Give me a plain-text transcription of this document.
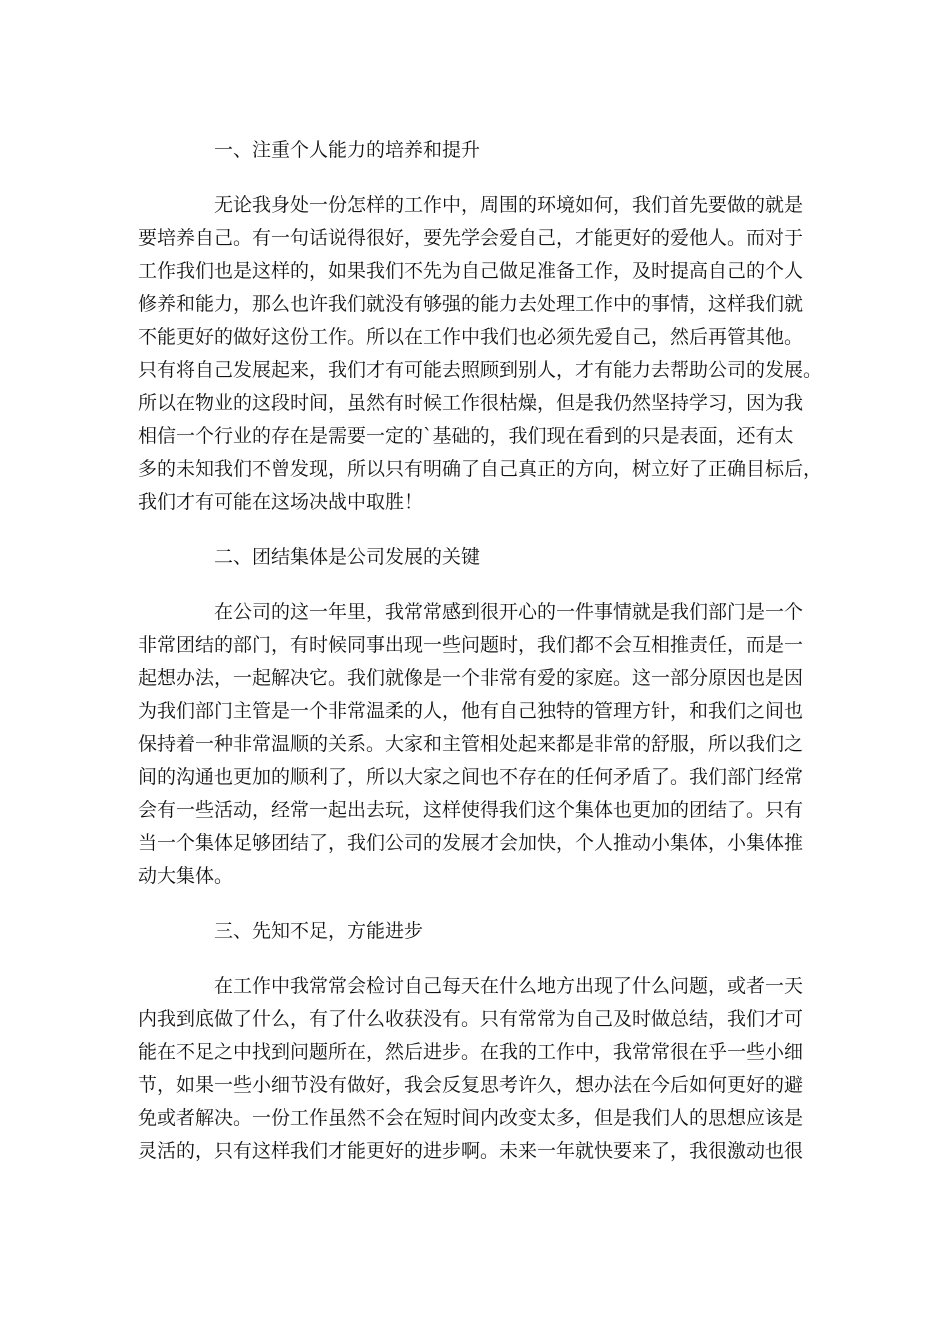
一、注重个人能力的培养和提升
无论我身处一份怎样的工作中，周围的环境如何，我们首先要做的就是
要培养自己。有一句话说得很好，要先学会爱自己，才能更好的爱他人。而对于
工作我们也是这样的，如果我们不先为自己做足准备工作，及时提高自己的个人
修养和能力，那么也许我们就没有够强的能力去处理工作中的事情，这样我们就
不能更好的做好这份工作。所以在工作中我们也必须先爱自己，然后再管其他。
只有将自己发展起来，我们才有可能去照顾到别人，才有能力去帮助公司的发展。
所以在物业的这段时间，虽然有时候工作很枯燥，但是我仍然坚持学习，因为我
相信一个行业的存在是需要一定的`基础的，我们现在看到的只是表面，还有太
多的未知我们不曾发现，所以只有明确了自己真正的方向，树立好了正确目标后，
我们才有可能在这场决战中取胜！
二、团结集体是公司发展的关键
在公司的这一年里，我常常感到很开心的一件事情就是我们部门是一个
非常团结的部门，有时候同事出现一些问题时，我们都不会互相推责任，而是一
起想办法，一起解决它。我们就像是一个非常有爱的家庭。这一部分原因也是因
为我们部门主管是一个非常温柔的人，他有自己独特的管理方针，和我们之间也
保持着一种非常温顺的关系。大家和主管相处起来都是非常的舒服，所以我们之
间的沟通也更加的顺利了，所以大家之间也不存在的任何矛盾了。我们部门经常
会有一些活动，经常一起出去玩，这样使得我们这个集体也更加的团结了。只有
当一个集体足够团结了，我们公司的发展才会加快，个人推动小集体，小集体推
动大集体。
三、先知不足，方能进步
在工作中我常常会检讨自己每天在什么地方出现了什么问题，或者一天
内我到底做了什么，有了什么收获没有。只有常常为自己及时做总结，我们才可
能在不足之中找到问题所在，然后进步。在我的工作中，我常常很在乎一些小细
节，如果一些小细节没有做好，我会反复思考许久，想办法在今后如何更好的避
免或者解决。一份工作虽然不会在短时间内改变太多，但是我们人的思想应该是
灵活的，只有这样我们才能更好的进步啊。未来一年就快要来了，我很激动也很
